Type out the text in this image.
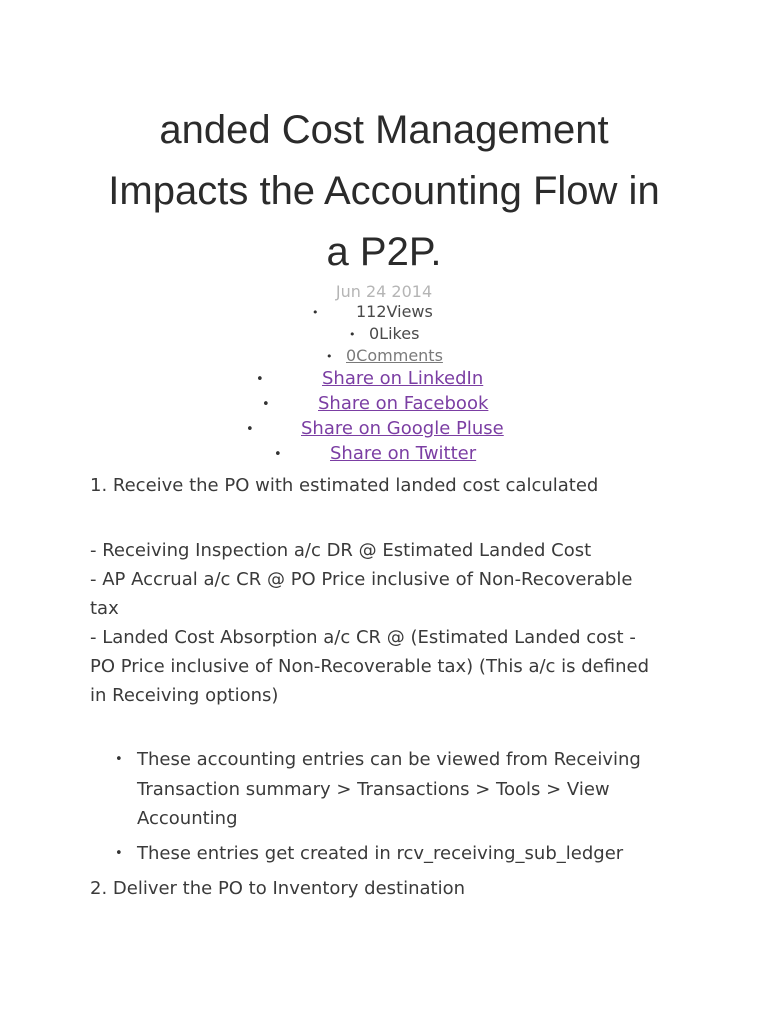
anded Cost Management
Impacts the Accounting Flow in
a P2P.
Jun 24 2014
• 112Views
• 0Likes
• 0Comments
•	Share on LinkedIn
•	Share on Facebook
•	Share on Google Pluse
•	Share on Twitter
1. Receive the PO with estimated landed cost calculated
- Receiving Inspection a/c DR @ Estimated Landed Cost
- AP Accrual a/c CR @ PO Price inclusive of Non-Recoverable
tax
- Landed Cost Absorption a/c CR @ (Estimated Landed cost -
PO Price inclusive of Non-Recoverable tax) (This a/c is defined
in Receiving options)
• These accounting entries can be viewed from Receiving
Transaction summary > Transactions > Tools > View
Accounting
• These entries get created in rcv_receiving_sub_ledger
2. Deliver the PO to Inventory destination
